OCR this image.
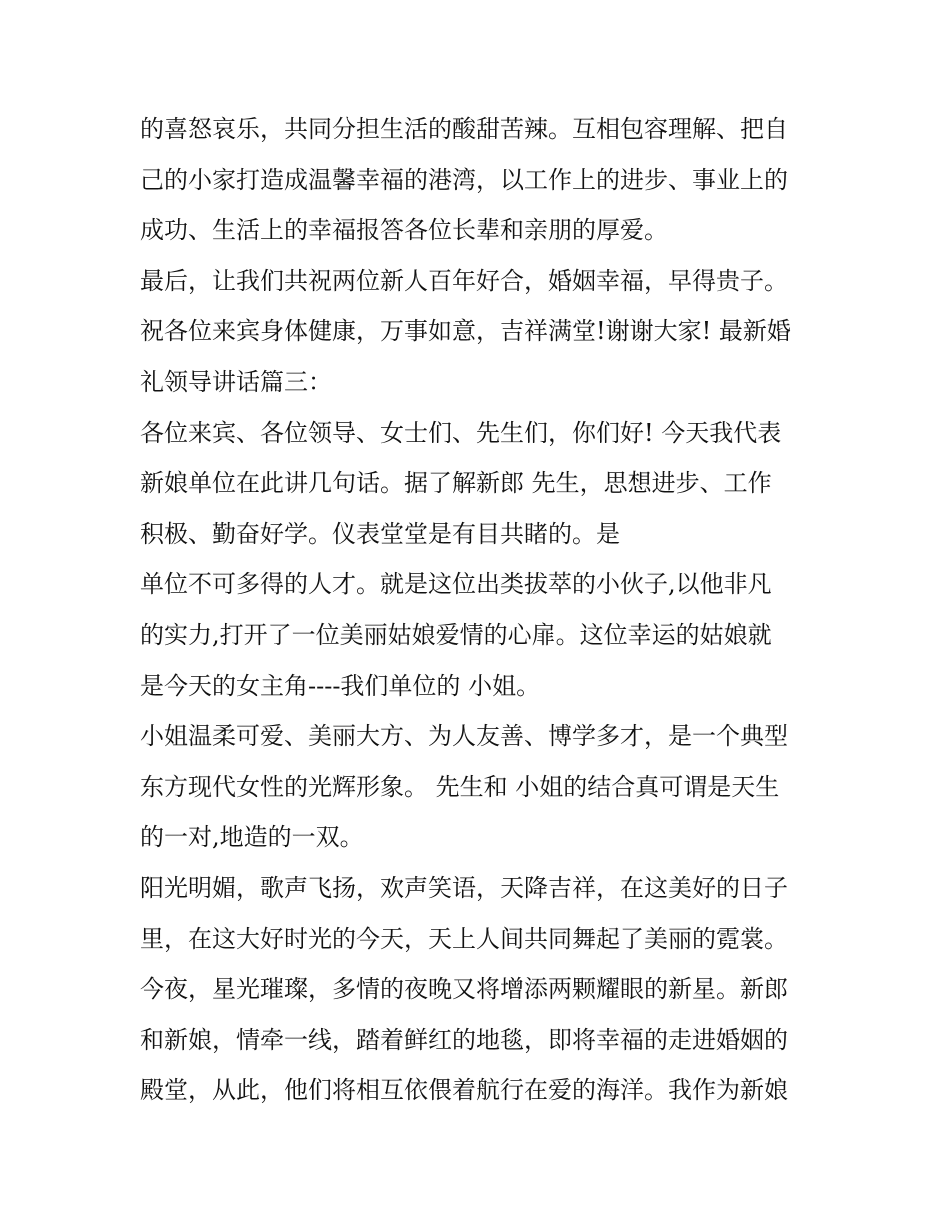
的喜怒哀乐，共同分担生活的酸甜苦辣。互相包容理解、把自
己的小家打造成温馨幸福的港湾，以工作上的进步、事业上的
成功、生活上的幸福报答各位长辈和亲朋的厚爱。
最后，让我们共祝两位新人百年好合，婚姻幸福，早得贵子。
祝各位来宾身体健康，万事如意，吉祥满堂!谢谢大家! 最新婚
礼领导讲话篇三：
各位来宾、各位领导、女士们、先生们，你们好! 今天我代表
新娘单位在此讲几句话。据了解新郎 先生，思想进步、工作
积极、勤奋好学。仪表堂堂是有目共睹的。是
单位不可多得的人才。就是这位出类拔萃的小伙子,以他非凡
的实力,打开了一位美丽姑娘爱情的心扉。这位幸运的姑娘就
是今天的女主角----我们单位的 小姐。
小姐温柔可爱、美丽大方、为人友善、博学多才，是一个典型
东方现代女性的光辉形象。 先生和 小姐的结合真可谓是天生
的一对,地造的一双。
阳光明媚，歌声飞扬，欢声笑语，天降吉祥，在这美好的日子
里，在这大好时光的今天，天上人间共同舞起了美丽的霓裳。
今夜，星光璀璨，多情的夜晚又将增添两颗耀眼的新星。新郎
和新娘，情牵一线，踏着鲜红的地毯，即将幸福的走进婚姻的
殿堂，从此，他们将相互依偎着航行在爱的海洋。我作为新娘
